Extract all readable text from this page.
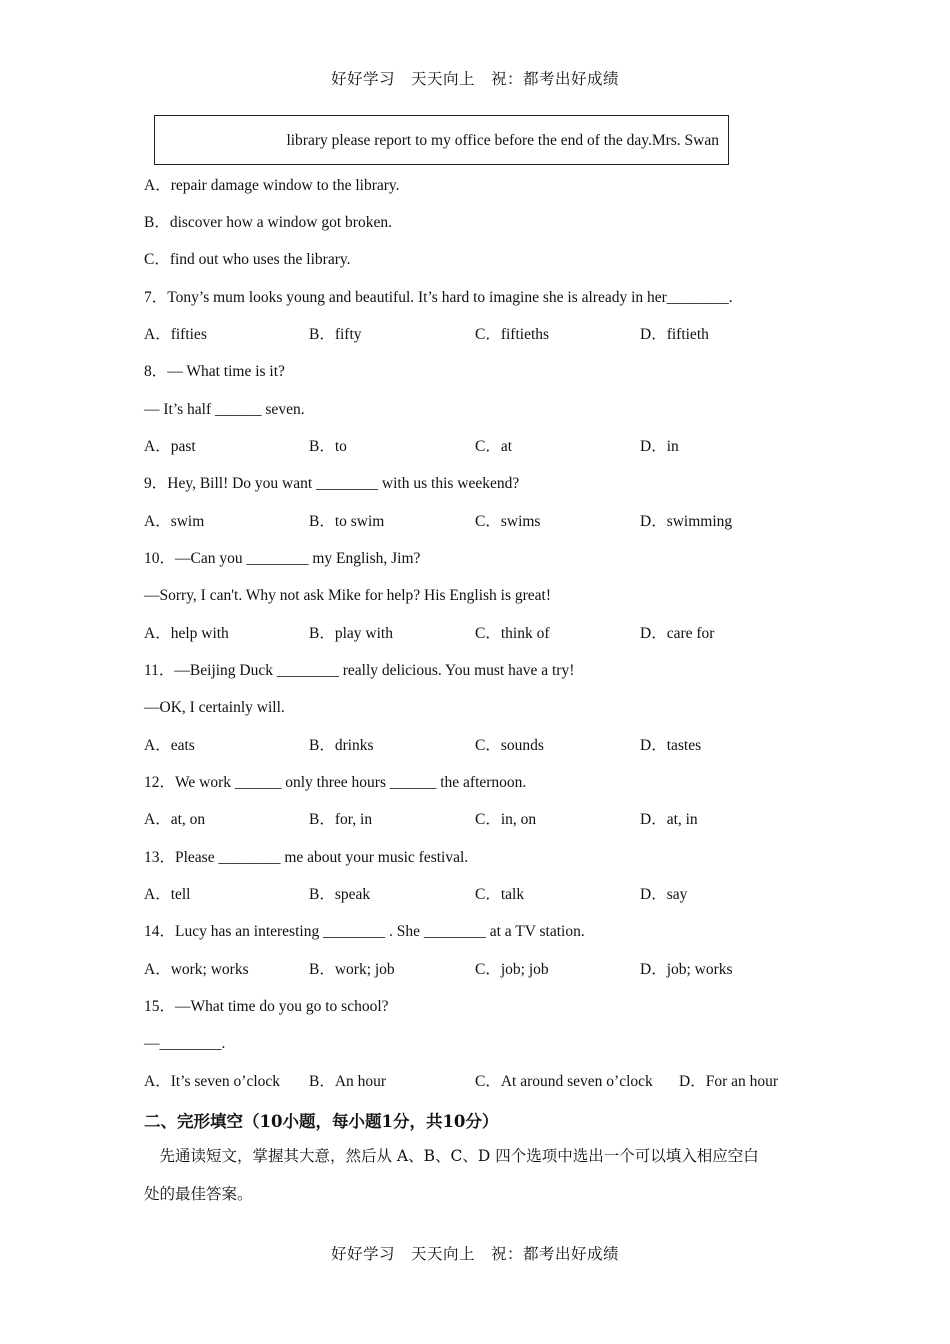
好好学习　天天向上　祝：都考出好成绩
library please report to my office before the end of the day.Mrs. Swan
A．repair damage window to the library.
B．discover how a window got broken.
C．find out who uses the library.
7．Tony’s mum looks young and beautiful. It’s hard to imagine she is already in her________.
A．fifties	B．fifty	C．fiftieths	D．fiftieth
8．— What time is it?
— It’s half ______ seven.
A．past	B．to	C．at	D．in
9．Hey, Bill! Do you want ________ with us this weekend?
A．swim	B．to swim	C．swims	D．swimming
10．—Can you ________ my English, Jim?
—Sorry, I can't. Why not ask Mike for help? His English is great!
A．help with	B．play with	C．think of	D．care for
11．—Beijing Duck ________ really delicious. You must have a try!
—OK, I certainly will.
A．eats	B．drinks	C．sounds	D．tastes
12．We work ______ only three hours ______ the afternoon.
A．at, on	B．for, in	C．in, on	D．at, in
13．Please ________ me about your music festival.
A．tell	B．speak	C．talk	D．say
14．Lucy has an interesting ________ . She ________ at a TV station.
A．work; works	B．work; job	C．job; job	D．job; works
15．—What time do you go to school?
—________.
A．It’s seven o’clock B．An hour	C．At around seven o’clock D．For an hour
二、完形填空（10小题，每小题1分，共10分）
　先通读短文，掌握其大意，然后从 A、B、C、D 四个选项中选出一个可以填入相应空白
处的最佳答案。
好好学习　天天向上　祝：都考出好成绩
